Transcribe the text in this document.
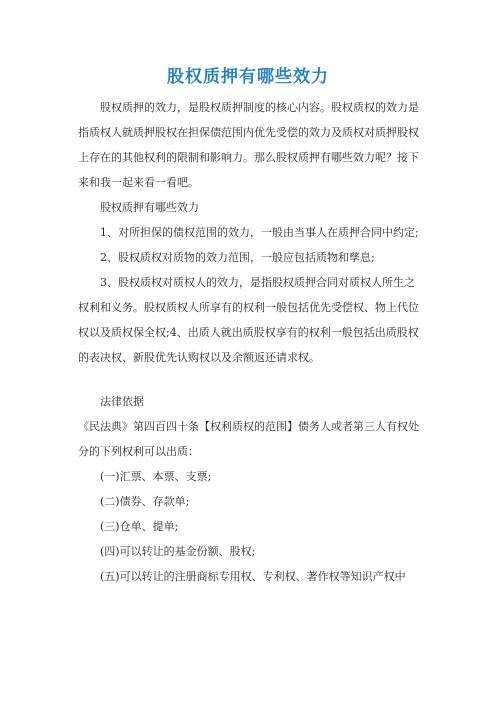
股权质押有哪些效力

股权质押的效力，是股权质押制度的核心内容。股权质权的效力是指质权人就质押股权在担保债范围内优先受偿的效力及质权对质押股权上存在的其他权利的限制和影响力。那么股权质押有哪些效力呢？接下来和我一起来看一看吧。

股权质押有哪些效力

1、对所担保的债权范围的效力，一般由当事人在质押合同中约定;

2、股权质权对质物的效力范围，一般应包括质物和孳息;

3、股权质权对质权人的效力，是指股权质押合同对质权人所生之权利和义务。股权质权人所享有的权利一般包括优先受偿权、物上代位权以及质权保全权;4、出质人就出质股权享有的权利一般包括出质股权的表决权、新股优先认购权以及余额返还请求权。

法律依据

《民法典》第四百四十条【权利质权的范围】债务人或者第三人有权处分的下列权利可以出质：

(一)汇票、本票、支票;

(二)债券、存款单;

(三)仓单、提单;

(四)可以转让的基金份额、股权;

(五)可以转让的注册商标专用权、专利权、著作权等知识产权中
